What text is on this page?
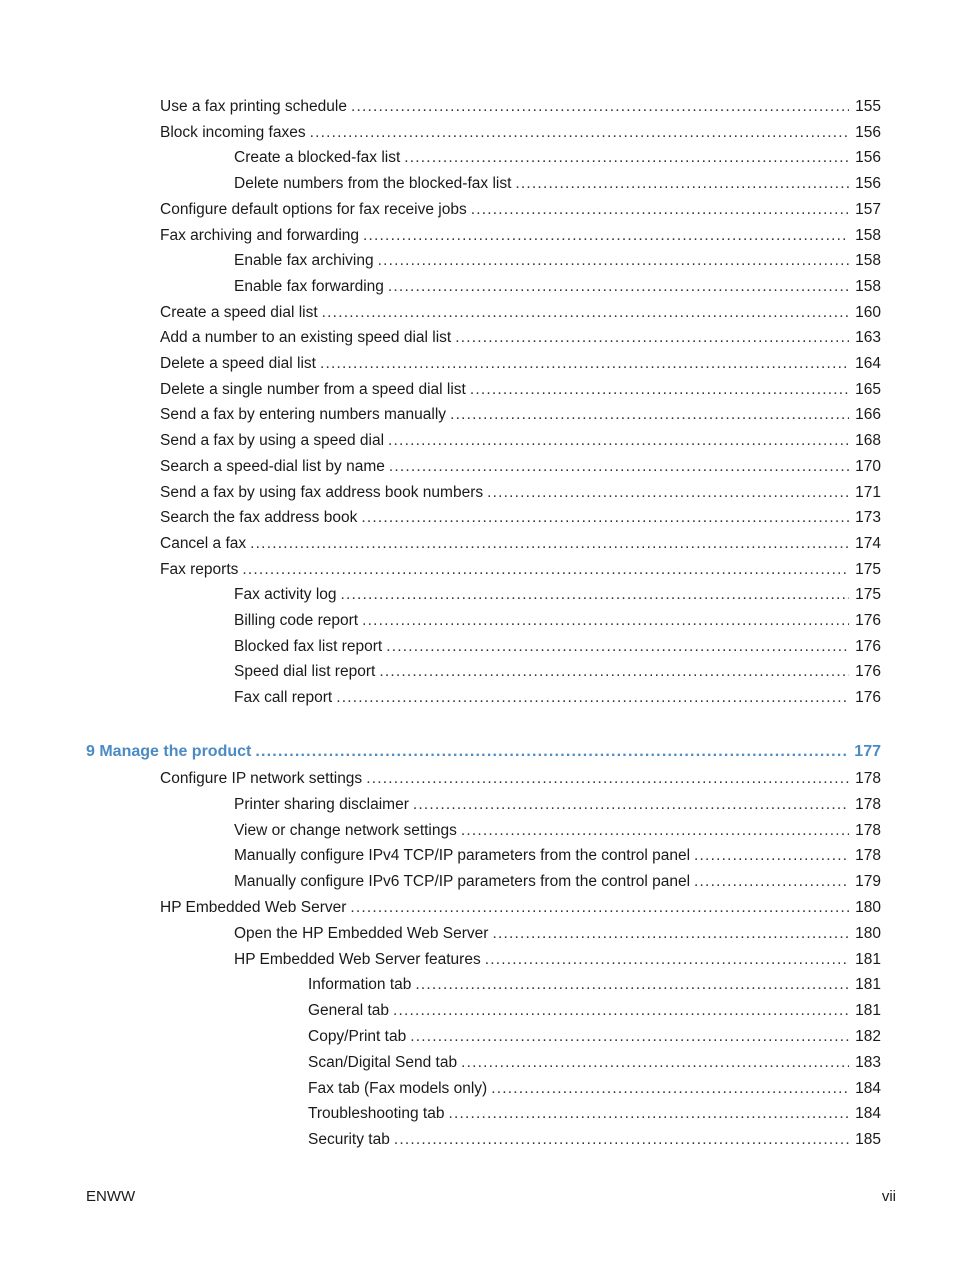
Use a fax printing schedule .....	155
Block incoming faxes .....	156
Create a blocked-fax list .....	156
Delete numbers from the blocked-fax list .....	156
Configure default options for fax receive jobs .....	157
Fax archiving and forwarding .....	158
Enable fax archiving .....	158
Enable fax forwarding .....	158
Create a speed dial list .....	160
Add a number to an existing speed dial list .....	163
Delete a speed dial list .....	164
Delete a single number from a speed dial list .....	165
Send a fax by entering numbers manually .....	166
Send a fax by using a speed dial .....	168
Search a speed-dial list by name .....	170
Send a fax by using fax address book numbers .....	171
Search the fax address book .....	173
Cancel a fax .....	174
Fax reports .....	175
Fax activity log .....	175
Billing code report .....	176
Blocked fax list report .....	176
Speed dial list report .....	176
Fax call report .....	176
9 Manage the product .....	177
Configure IP network settings .....	178
Printer sharing disclaimer .....	178
View or change network settings .....	178
Manually configure IPv4 TCP/IP parameters from the control panel .....	178
Manually configure IPv6 TCP/IP parameters from the control panel .....	179
HP Embedded Web Server .....	180
Open the HP Embedded Web Server .....	180
HP Embedded Web Server features .....	181
Information tab .....	181
General tab .....	181
Copy/Print tab .....	182
Scan/Digital Send tab .....	183
Fax tab (Fax models only) .....	184
Troubleshooting tab .....	184
Security tab .....	185
ENWW	vii
